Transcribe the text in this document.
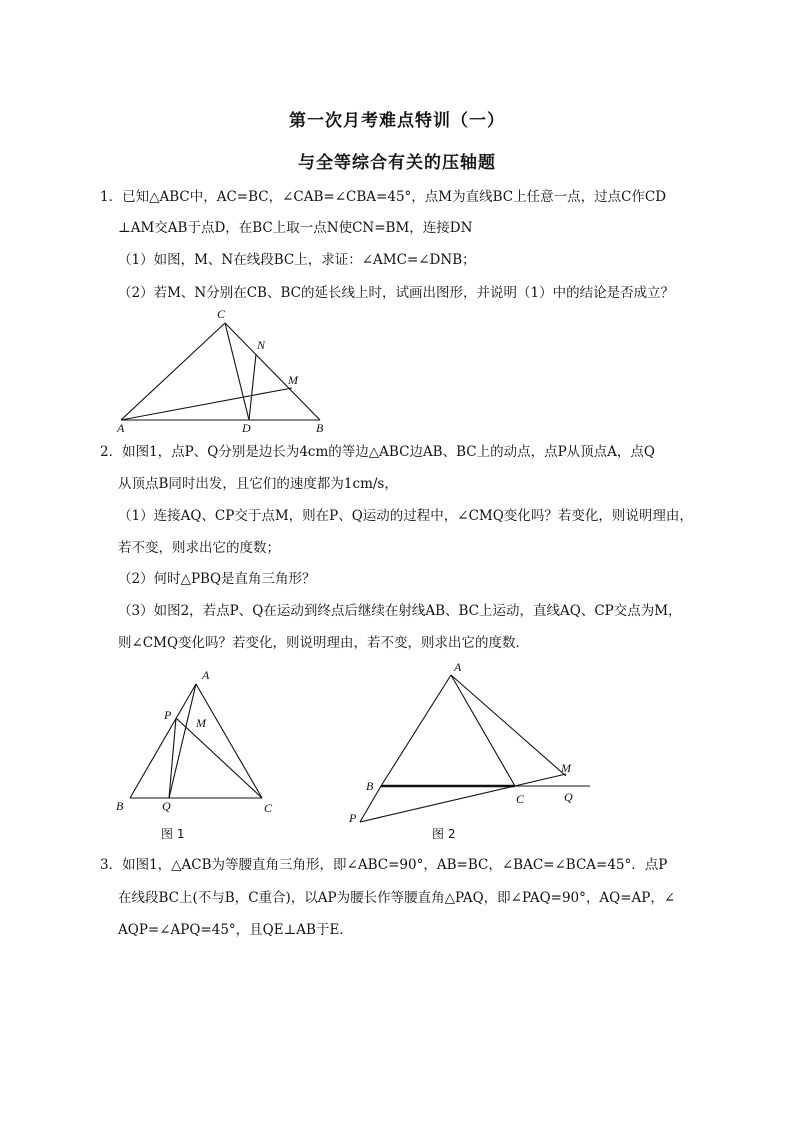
第一次月考难点特训（一）
与全等综合有关的压轴题
1．已知△ABC中，AC=BC，∠CAB=∠CBA=45°，点M为直线BC上任意一点，过点C作CD
⊥AM交AB于点D，在BC上取一点N使CN=BM，连接DN
（1）如图，M、N在线段BC上，求证：∠AMC=∠DNB；
（2）若M、N分别在CB、BC的延长线上时，试画出图形，并说明（1）中的结论是否成立？
C
N
M
A	D	B
2．如图1，点P、Q分别是边长为4cm的等边△ABC边AB、BC上的动点，点P从顶点A，点Q
从顶点B同时出发，且它们的速度都为1cm/s，
（1）连接AQ、CP交于点M，则在P、Q运动的过程中，∠CMQ变化吗？若变化，则说明理由，
若不变，则求出它的度数；
（2）何时△PBQ是直角三角形？
（3）如图2，若点P、Q在运动到终点后继续在射线AB、BC上运动，直线AQ、CP交点为M，
则∠CMQ变化吗？若变化，则说明理由，若不变，则求出它的度数．
A
P
M
B	Q	C
图 1
A
M
B
C	Q
P
图 2
3．如图1，△ACB为等腰直角三角形，即∠ABC=90°，AB=BC，∠BAC=∠BCA=45°．点P
在线段BC上(不与B，C重合)，以AP为腰长作等腰直角△PAQ，即∠PAQ=90°，AQ=AP，∠
AQP=∠APQ=45°，且QE⊥AB于E．
